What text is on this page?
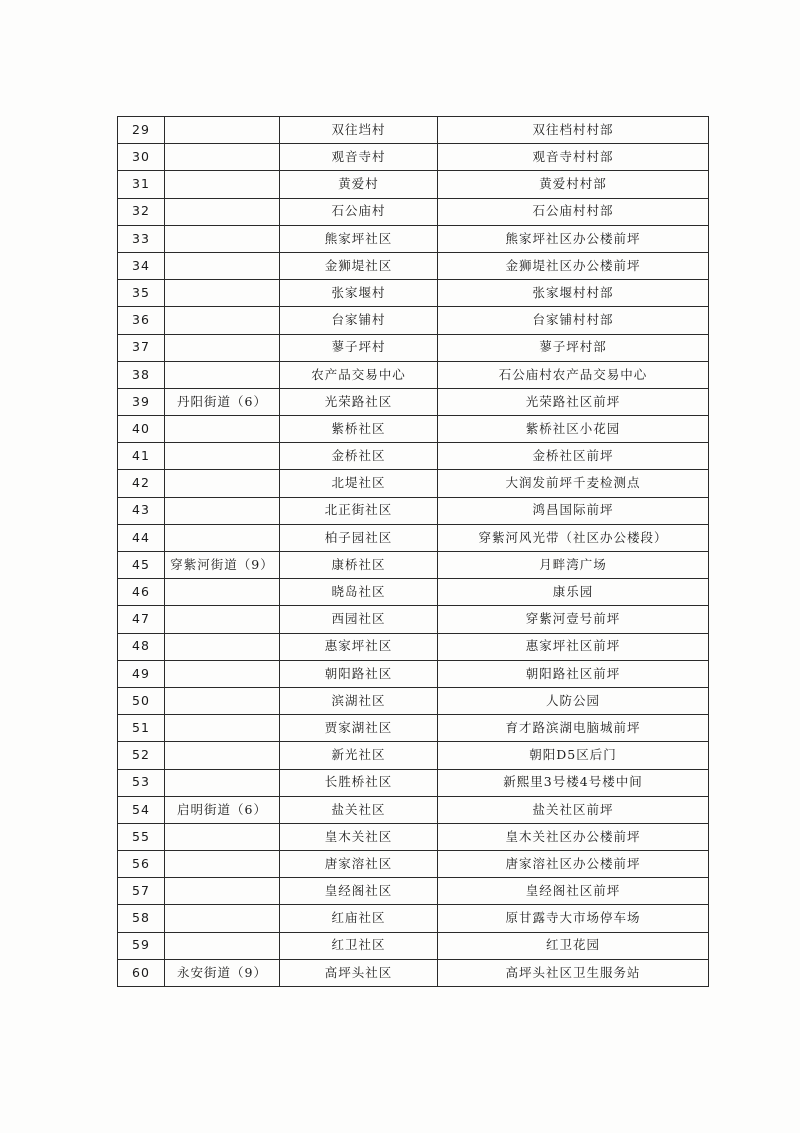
29		双往垱村	双往档村村部
30		观音寺村	观音寺村村部
31		黄爱村	黄爱村村部
32		石公庙村	石公庙村村部
33		熊家坪社区	熊家坪社区办公楼前坪
34		金狮堤社区	金狮堤社区办公楼前坪
35		张家堰村	张家堰村村部
36		台家铺村	台家铺村村部
37		蓼子坪村	蓼子坪村部
38		农产品交易中心	石公庙村农产品交易中心
39	丹阳街道（6）	光荣路社区	光荣路社区前坪
40		紫桥社区	紫桥社区小花园
41		金桥社区	金桥社区前坪
42		北堤社区	大润发前坪千麦检测点
43		北正街社区	鸿昌国际前坪
44		柏子园社区	穿紫河风光带（社区办公楼段）
45	穿紫河街道（9）	康桥社区	月畔湾广场
46		晓岛社区	康乐园
47		西园社区	穿紫河壹号前坪
48		惠家坪社区	惠家坪社区前坪
49		朝阳路社区	朝阳路社区前坪
50		滨湖社区	人防公园
51		贾家湖社区	育才路滨湖电脑城前坪
52		新光社区	朝阳D5区后门
53		长胜桥社区	新熙里3号楼4号楼中间
54	启明街道（6）	盐关社区	盐关社区前坪
55		皇木关社区	皇木关社区办公楼前坪
56		唐家溶社区	唐家溶社区办公楼前坪
57		皇经阁社区	皇经阁社区前坪
58		红庙社区	原甘露寺大市场停车场
59		红卫社区	红卫花园
60	永安街道（9）	高坪头社区	高坪头社区卫生服务站
